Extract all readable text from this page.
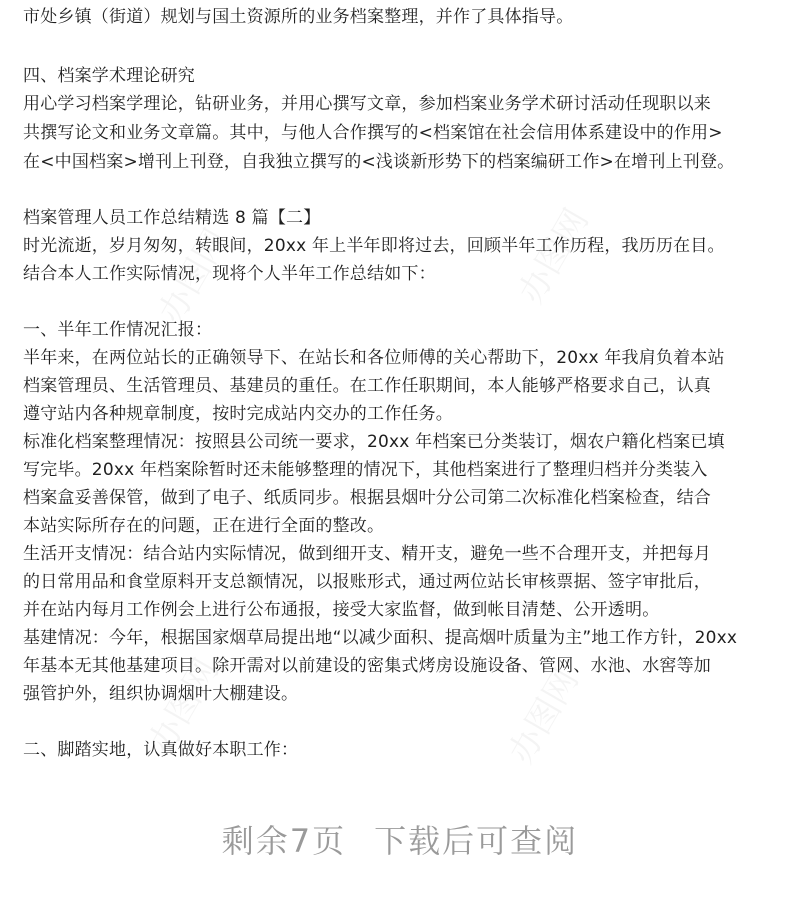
市处乡镇（街道）规划与国土资源所的业务档案整理，并作了具体指导。
四、档案学术理论研究
用心学习档案学理论，钻研业务，并用心撰写文章，参加档案业务学术研讨活动任现职以来
共撰写论文和业务文章篇。其中，与他人合作撰写的<档案馆在社会信用体系建设中的作用>
在<中国档案>增刊上刊登，自我独立撰写的<浅谈新形势下的档案编研工作>在增刊上刊登。
档案管理人员工作总结精选 8 篇【二】
时光流逝，岁月匆匆，转眼间，20xx 年上半年即将过去，回顾半年工作历程，我历历在目。
结合本人工作实际情况，现将个人半年工作总结如下：
一、半年工作情况汇报：
半年来，在两位站长的正确领导下、在站长和各位师傅的关心帮助下，20xx 年我肩负着本站
档案管理员、生活管理员、基建员的重任。在工作任职期间，本人能够严格要求自己，认真
遵守站内各种规章制度，按时完成站内交办的工作任务。
标准化档案整理情况：按照县公司统一要求，20xx 年档案已分类装订，烟农户籍化档案已填
写完毕。20xx 年档案除暂时还未能够整理的情况下，其他档案进行了整理归档并分类装入
档案盒妥善保管，做到了电子、纸质同步。根据县烟叶分公司第二次标准化档案检查，结合
本站实际所存在的问题，正在进行全面的整改。
生活开支情况：结合站内实际情况，做到细开支、精开支，避免一些不合理开支，并把每月
的日常用品和食堂原料开支总额情况，以报账形式，通过两位站长审核票据、签字审批后，
并在站内每月工作例会上进行公布通报，接受大家监督，做到帐目清楚、公开透明。
基建情况：今年，根据国家烟草局提出地“以减少面积、提高烟叶质量为主”地工作方针，20xx
年基本无其他基建项目。除开需对以前建设的密集式烤房设施设备、管网、水池、水窖等加
强管护外，组织协调烟叶大棚建设。
二、脚踏实地，认真做好本职工作：
剩余7页 下载后可查阅
